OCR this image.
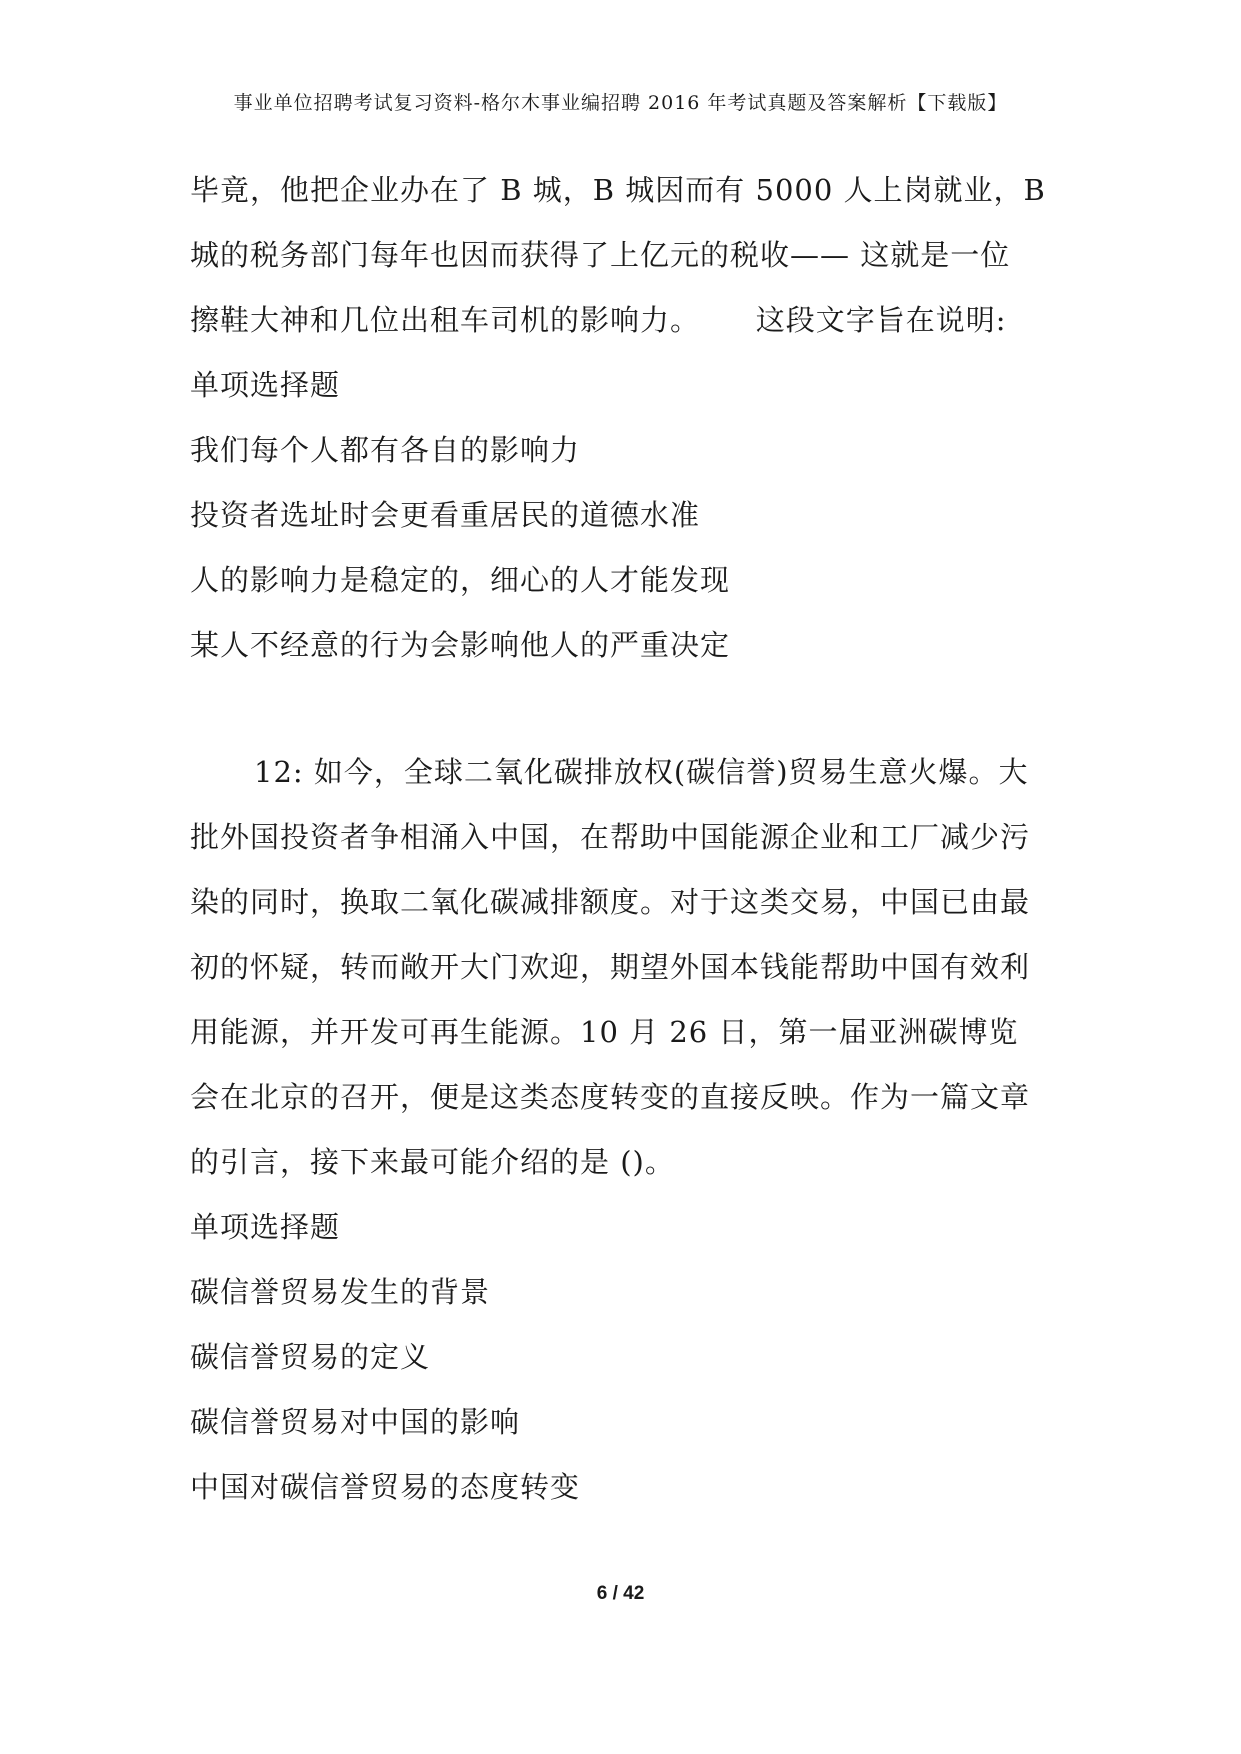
事业单位招聘考试复习资料-格尔木事业编招聘 2016 年考试真题及答案解析【下载版】
毕竟，他把企业办在了 B 城，B 城因而有 5000 人上岗就业，B
城的税务部门每年也因而获得了上亿元的税收—— 这就是一位
擦鞋大神和几位出租车司机的影响力。　　 这段文字旨在说明:
单项选择题
我们每个人都有各自的影响力
投资者选址时会更看重居民的道德水准
人的影响力是稳定的，细心的人才能发现
某人不经意的行为会影响他人的严重决定
12: 如今，全球二氧化碳排放权(碳信誉)贸易生意火爆。大
批外国投资者争相涌入中国，在帮助中国能源企业和工厂减少污
染的同时，换取二氧化碳减排额度。对于这类交易，中国已由最
初的怀疑，转而敞开大门欢迎，期望外国本钱能帮助中国有效利
用能源，并开发可再生能源。10 月 26 日，第一届亚洲碳博览
会在北京的召开，便是这类态度转变的直接反映。作为一篇文章
的引言，接下来最可能介绍的是 ()。
单项选择题
碳信誉贸易发生的背景
碳信誉贸易的定义
碳信誉贸易对中国的影响
中国对碳信誉贸易的态度转变
6 / 42
